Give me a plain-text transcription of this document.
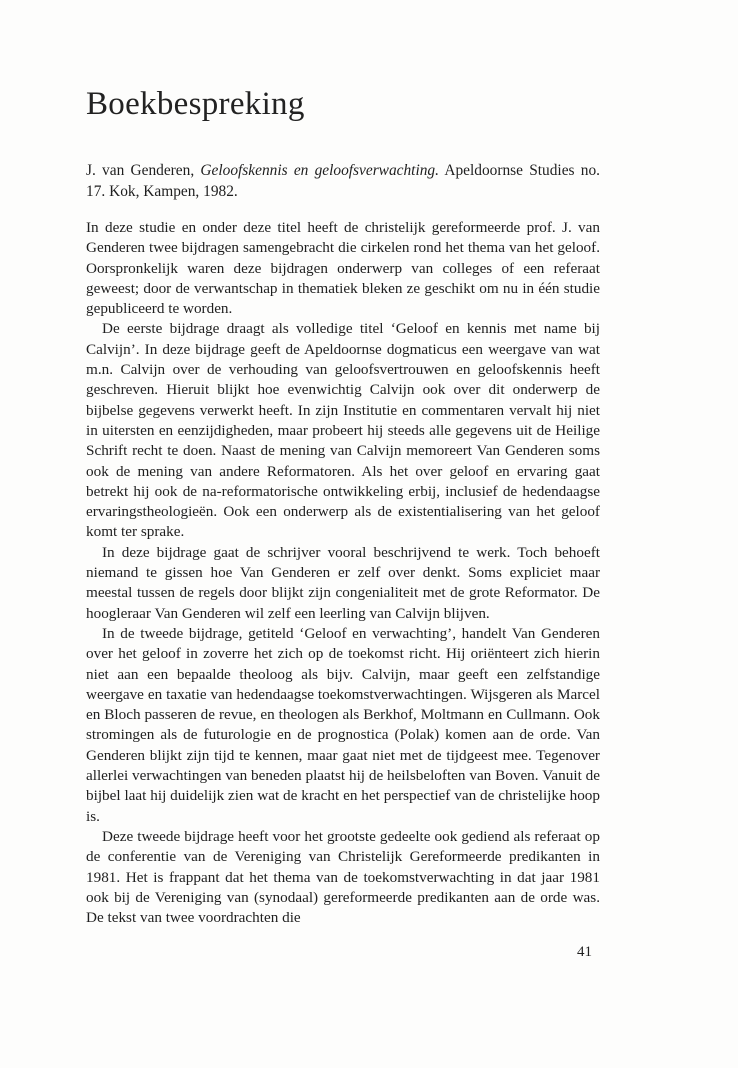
Boekbespreking

J. van Genderen, Geloofskennis en geloofsverwachting. Apeldoornse Studies no. 17. Kok, Kampen, 1982.

In deze studie en onder deze titel heeft de christelijk gereformeerde prof. J. van Genderen twee bijdragen samengebracht die cirkelen rond het thema van het geloof. Oorspronkelijk waren deze bijdragen onderwerp van colleges of een referaat geweest; door de verwantschap in thematiek bleken ze geschikt om nu in één studie gepubliceerd te worden.

De eerste bijdrage draagt als volledige titel ‘Geloof en kennis met name bij Calvijn’. In deze bijdrage geeft de Apeldoornse dogmaticus een weergave van wat m.n. Calvijn over de verhouding van geloofsvertrouwen en geloofskennis heeft geschreven. Hieruit blijkt hoe evenwichtig Calvijn ook over dit onderwerp de bijbelse gegevens verwerkt heeft. In zijn Institutie en commentaren vervalt hij niet in uitersten en eenzijdigheden, maar probeert hij steeds alle gegevens uit de Heilige Schrift recht te doen. Naast de mening van Calvijn memoreert Van Genderen soms ook de mening van andere Reformatoren. Als het over geloof en ervaring gaat betrekt hij ook de na-reformatorische ontwikkeling erbij, inclusief de hedendaagse ervaringstheologieën. Ook een onderwerp als de existentialisering van het geloof komt ter sprake.

In deze bijdrage gaat de schrijver vooral beschrijvend te werk. Toch behoeft niemand te gissen hoe Van Genderen er zelf over denkt. Soms expliciet maar meestal tussen de regels door blijkt zijn congenialiteit met de grote Reformator. De hoogleraar Van Genderen wil zelf een leerling van Calvijn blijven.

In de tweede bijdrage, getiteld ‘Geloof en verwachting’, handelt Van Genderen over het geloof in zoverre het zich op de toekomst richt. Hij oriënteert zich hierin niet aan een bepaalde theoloog als bijv. Calvijn, maar geeft een zelfstandige weergave en taxatie van hedendaagse toekomstverwachtingen. Wijsgeren als Marcel en Bloch passeren de revue, en theologen als Berkhof, Moltmann en Cullmann. Ook stromingen als de futurologie en de prognostica (Polak) komen aan de orde. Van Genderen blijkt zijn tijd te kennen, maar gaat niet met de tijdgeest mee. Tegenover allerlei verwachtingen van beneden plaatst hij de heilsbeloften van Boven. Vanuit de bijbel laat hij duidelijk zien wat de kracht en het perspectief van de christelijke hoop is.

Deze tweede bijdrage heeft voor het grootste gedeelte ook gediend als referaat op de conferentie van de Vereniging van Christelijk Gereformeerde predikanten in 1981. Het is frappant dat het thema van de toekomstverwachting in dat jaar 1981 ook bij de Vereniging van (synodaal) gereformeerde predikanten aan de orde was. De tekst van twee voordrachten die

41
